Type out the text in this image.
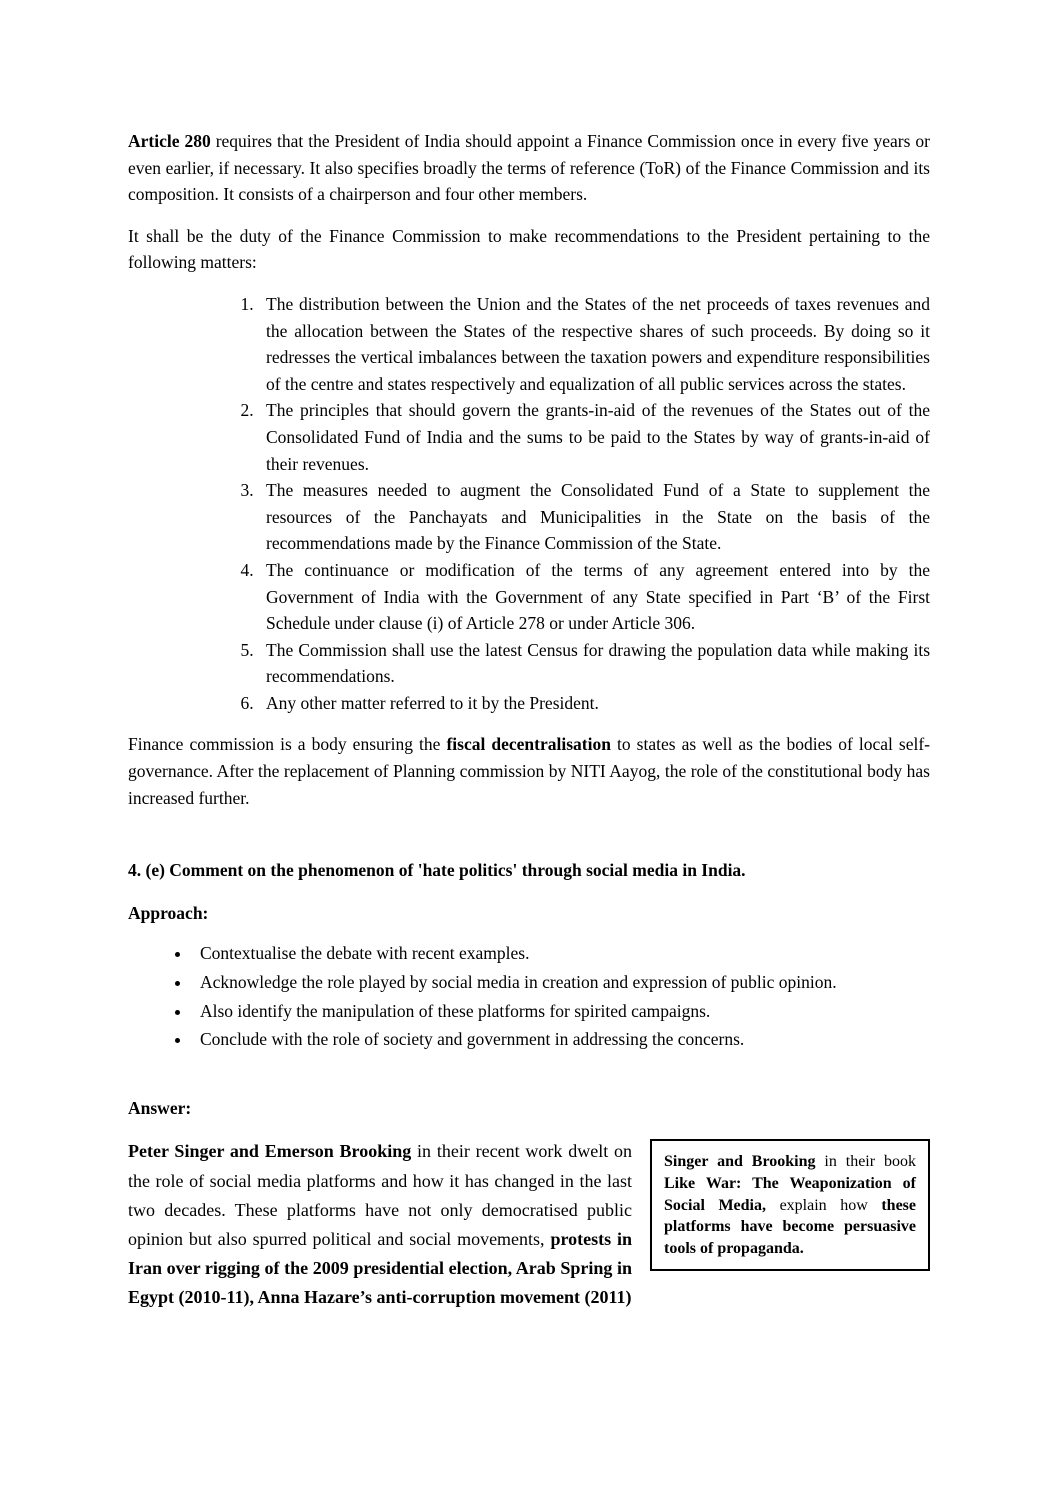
Article 280 requires that the President of India should appoint a Finance Commission once in every five years or even earlier, if necessary. It also specifies broadly the terms of reference (ToR) of the Finance Commission and its composition. It consists of a chairperson and four other members.

It shall be the duty of the Finance Commission to make recommendations to the President pertaining to the following matters:

1. The distribution between the Union and the States of the net proceeds of taxes revenues and the allocation between the States of the respective shares of such proceeds. By doing so it redresses the vertical imbalances between the taxation powers and expenditure responsibilities of the centre and states respectively and equalization of all public services across the states.
2. The principles that should govern the grants-in-aid of the revenues of the States out of the Consolidated Fund of India and the sums to be paid to the States by way of grants-in-aid of their revenues.
3. The measures needed to augment the Consolidated Fund of a State to supplement the resources of the Panchayats and Municipalities in the State on the basis of the recommendations made by the Finance Commission of the State.
4. The continuance or modification of the terms of any agreement entered into by the Government of India with the Government of any State specified in Part ‘B’ of the First Schedule under clause (i) of Article 278 or under Article 306.
5. The Commission shall use the latest Census for drawing the population data while making its recommendations.
6. Any other matter referred to it by the President.

Finance commission is a body ensuring the fiscal decentralisation to states as well as the bodies of local self-governance. After the replacement of Planning commission by NITI Aayog, the role of the constitutional body has increased further.

4. (e) Comment on the phenomenon of 'hate politics' through social media in India.

Approach:

• Contextualise the debate with recent examples.
• Acknowledge the role played by social media in creation and expression of public opinion.
• Also identify the manipulation of these platforms for spirited campaigns.
• Conclude with the role of society and government in addressing the concerns.

Answer:

Peter Singer and Emerson Brooking in their recent work dwelt on the role of social media platforms and how it has changed in the last two decades. These platforms have not only democratised public opinion but also spurred political and social movements, protests in Iran over rigging of the 2009 presidential election, Arab Spring in Egypt (2010-11), Anna Hazare’s anti-corruption movement (2011)

Singer and Brooking in their book Like War: The Weaponization of Social Media, explain how these platforms have become persuasive tools of propaganda.
